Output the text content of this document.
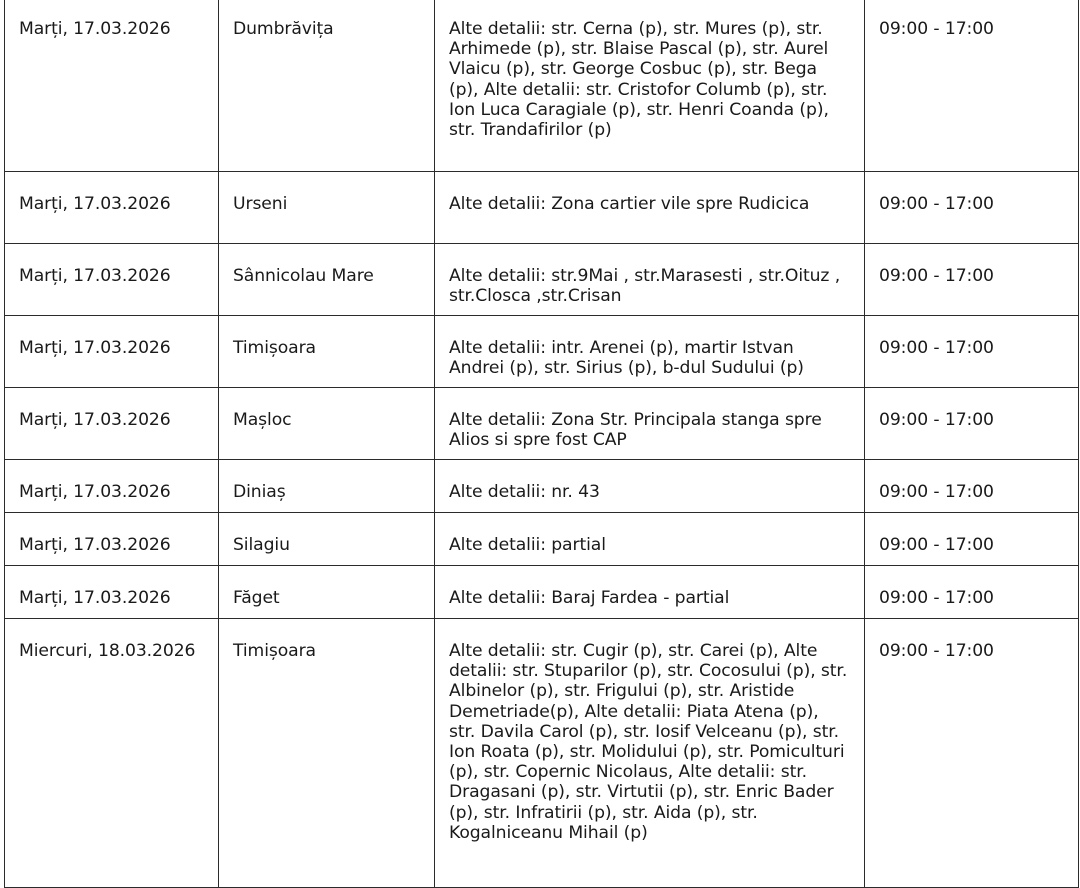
Marți, 17.03.2026	Dumbrăvița	Alte detalii: str. Cerna (p), str. Mures (p), str. Arhimede (p), str. Blaise Pascal (p), str. Aurel Vlaicu (p), str. George Cosbuc (p), str. Bega (p), Alte detalii: str. Cristofor Columb (p), str. Ion Luca Caragiale (p), str. Henri Coanda (p), str. Trandafirilor (p)	09:00 - 17:00
Marți, 17.03.2026	Urseni	Alte detalii: Zona cartier vile spre Rudicica	09:00 - 17:00
Marți, 17.03.2026	Sânnicolau Mare	Alte detalii: str.9Mai , str.Marasesti , str.Oituz , str.Closca ,str.Crisan	09:00 - 17:00
Marți, 17.03.2026	Timișoara	Alte detalii: intr. Arenei (p), martir Istvan Andrei (p), str. Sirius (p), b-dul Sudului (p)	09:00 - 17:00
Marți, 17.03.2026	Mașloc	Alte detalii: Zona Str. Principala stanga spre Alios si spre fost CAP	09:00 - 17:00
Marți, 17.03.2026	Diniaș	Alte detalii: nr. 43	09:00 - 17:00
Marți, 17.03.2026	Silagiu	Alte detalii: partial	09:00 - 17:00
Marți, 17.03.2026	Făget	Alte detalii: Baraj Fardea - partial	09:00 - 17:00
Miercuri, 18.03.2026	Timișoara	Alte detalii: str. Cugir (p), str. Carei (p), Alte detalii: str. Stuparilor (p), str. Cocosului (p), str. Albinelor (p), str. Frigului (p), str. Aristide Demetriade(p), Alte detalii: Piata Atena (p), str. Davila Carol (p), str. Iosif Velceanu (p), str. Ion Roata (p), str. Molidului (p), str. Pomiculturi (p), str. Copernic Nicolaus, Alte detalii: str. Dragasani (p), str. Virtutii (p), str. Enric Bader (p), str. Infratirii (p), str. Aida (p), str. Kogalniceanu Mihail (p)	09:00 - 17:00
